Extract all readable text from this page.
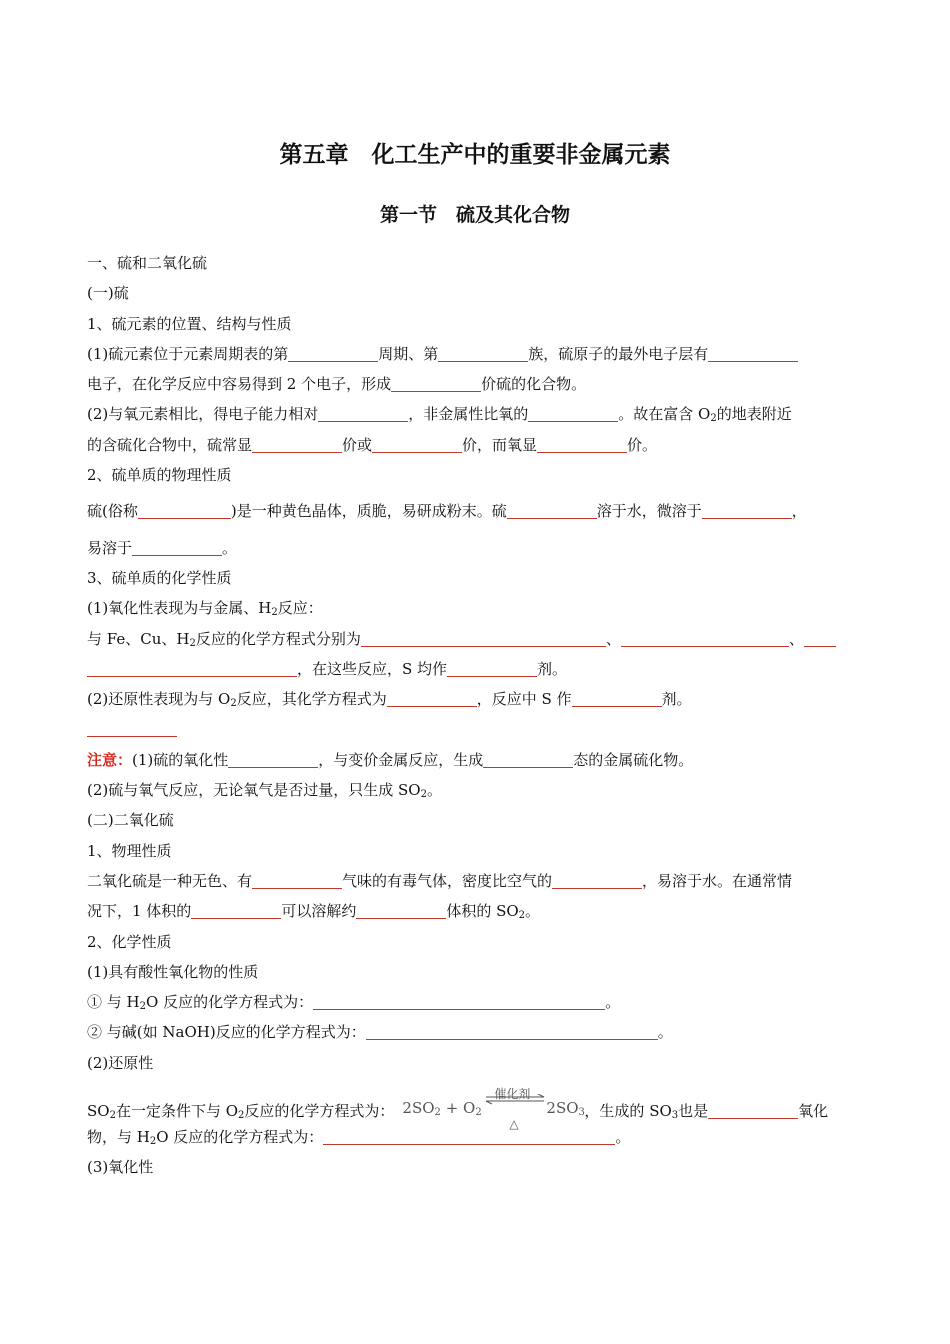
第五章　化工生产中的重要非金属元素
第一节　硫及其化合物
一、硫和二氧化硫
(一)硫
1、硫元素的位置、结构与性质
(1)硫元素位于元素周期表的第	周期、第	族，硫原子的最外电子层有
电子，在化学反应中容易得到 2 个电子，形成	价硫的化合物。
(2)与氧元素相比，得电子能力相对	，非金属性比氧的	。故在富含 $O_2$的地表附近
的含硫化合物中，硫常显	价或	价，而氧显	价。
2、硫单质的物理性质
硫(俗称	)是一种黄色晶体，质脆，易研成粉末。硫	溶于水，微溶于	，
易溶于	。
3、硫单质的化学性质
(1)氧化性表现为与金属、$H_2$反应：
与 Fe、Cu、$H_2$反应的化学方程式分别为	、	、
，在这些反应，S 均作	剂。
(2)还原性表现为与 $O_2$反应，其化学方程式为	，反应中 S 作	剂。
注意：(1)硫的氧化性	，与变价金属反应，生成	态的金属硫化物。
(2)硫与氧气反应，无论氧气是否过量，只生成 $SO_2$。
(二)二氧化硫
1、物理性质
二氧化硫是一种无色、有	气味的有毒气体，密度比空气的	，易溶于水。在通常情
况下，1 体积的	可以溶解约	体积的 $SO_2$。
2、化学性质
(1)具有酸性氧化物的性质
① 与 $H_2O$ 反应的化学方程式为：	。
② 与碱(如 NaOH)反应的化学方程式为：	。
(2)还原性
$SO_2$在一定条件下与 $O_2$反应的化学方程式为： $2SO_2 + O_2$
催化剂
△
$2SO_3$ ，生成的 $SO_3$也是	氧化
物，与 $H_2O$ 反应的化学方程式为：	。
(3)氧化性
